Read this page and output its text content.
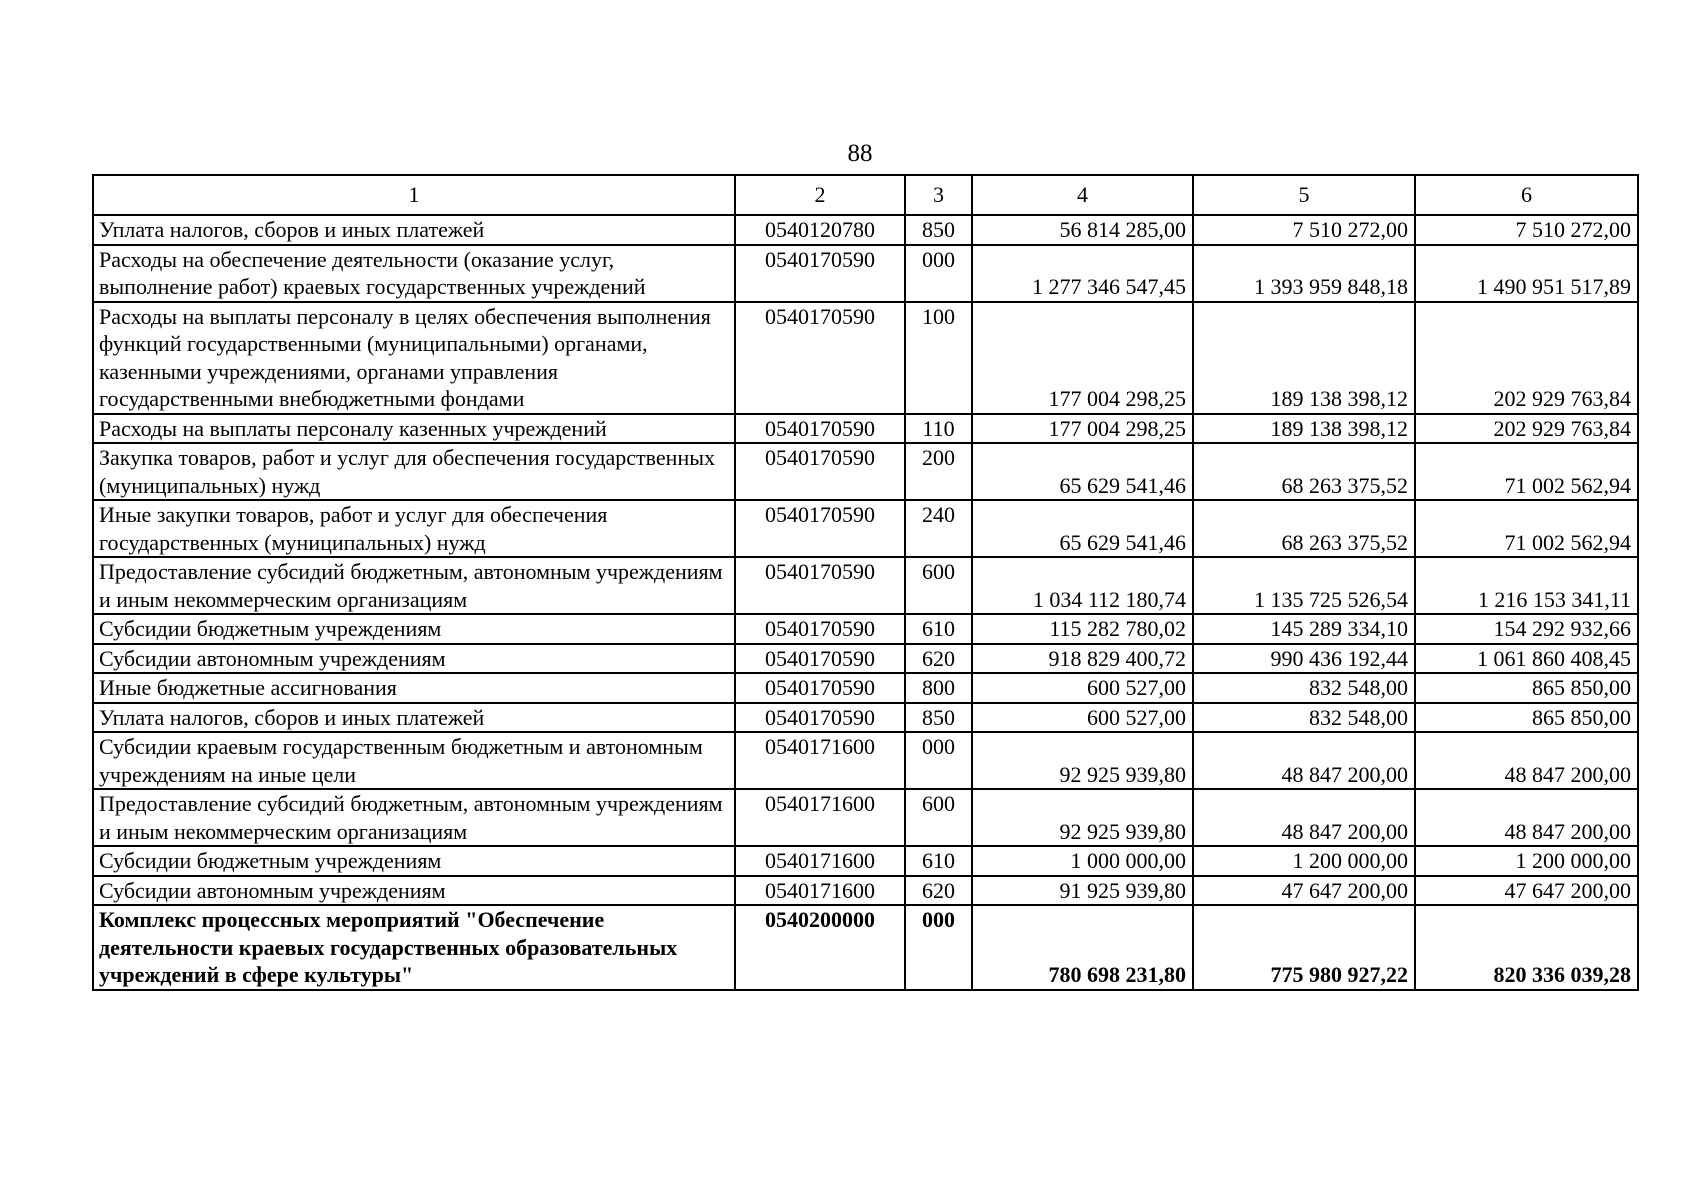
88
1	2	3	4	5	6
Уплата налогов, сборов и иных платежей	0540120780	850	56 814 285,00	7 510 272,00	7 510 272,00
Расходы на обеспечение деятельности (оказание услуг, выполнение работ) краевых государственных учреждений	0540170590	000	1 277 346 547,45	1 393 959 848,18	1 490 951 517,89
Расходы на выплаты персоналу в целях обеспечения выполнения функций государственными (муниципальными) органами, казенными учреждениями, органами управления государственными внебюджетными фондами	0540170590	100	177 004 298,25	189 138 398,12	202 929 763,84
Расходы на выплаты персоналу казенных учреждений	0540170590	110	177 004 298,25	189 138 398,12	202 929 763,84
Закупка товаров, работ и услуг для обеспечения государственных (муниципальных) нужд	0540170590	200	65 629 541,46	68 263 375,52	71 002 562,94
Иные закупки товаров, работ и услуг для обеспечения государственных (муниципальных) нужд	0540170590	240	65 629 541,46	68 263 375,52	71 002 562,94
Предоставление субсидий бюджетным, автономным учреждениям и иным некоммерческим организациям	0540170590	600	1 034 112 180,74	1 135 725 526,54	1 216 153 341,11
Субсидии бюджетным учреждениям	0540170590	610	115 282 780,02	145 289 334,10	154 292 932,66
Субсидии автономным учреждениям	0540170590	620	918 829 400,72	990 436 192,44	1 061 860 408,45
Иные бюджетные ассигнования	0540170590	800	600 527,00	832 548,00	865 850,00
Уплата налогов, сборов и иных платежей	0540170590	850	600 527,00	832 548,00	865 850,00
Субсидии краевым государственным бюджетным и автономным учреждениям на иные цели	0540171600	000	92 925 939,80	48 847 200,00	48 847 200,00
Предоставление субсидий бюджетным, автономным учреждениям и иным некоммерческим организациям	0540171600	600	92 925 939,80	48 847 200,00	48 847 200,00
Субсидии бюджетным учреждениям	0540171600	610	1 000 000,00	1 200 000,00	1 200 000,00
Субсидии автономным учреждениям	0540171600	620	91 925 939,80	47 647 200,00	47 647 200,00
Комплекс процессных мероприятий "Обеспечение деятельности краевых государственных образовательных учреждений в сфере культуры"	0540200000	000	780 698 231,80	775 980 927,22	820 336 039,28
